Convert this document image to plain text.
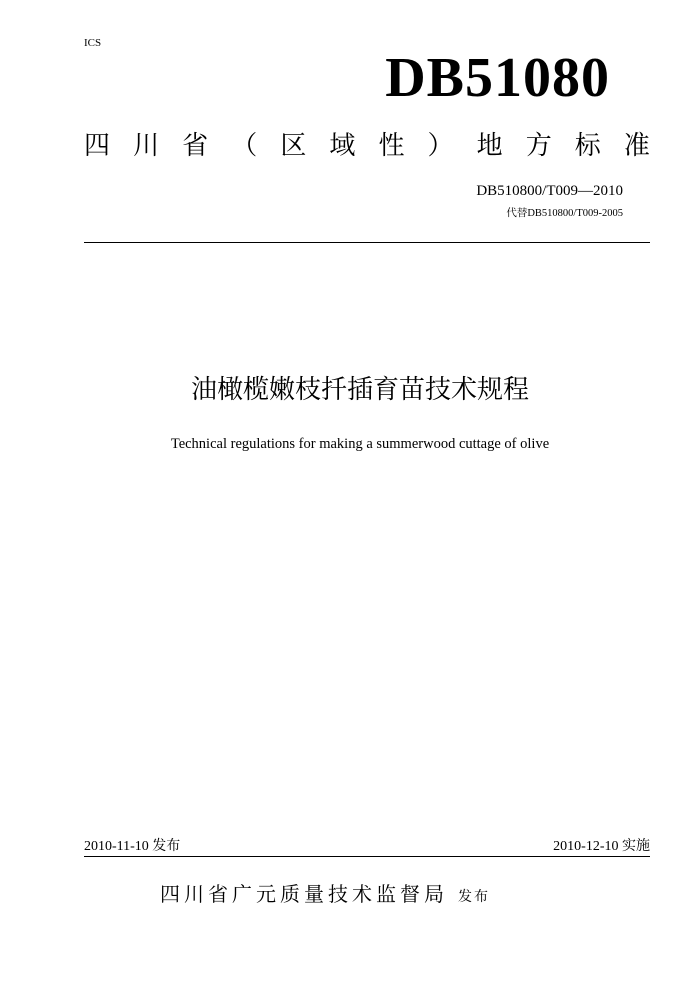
ICS
DB51080
四 川 省 （ 区 域 性 ） 地 方 标 准
DB510800/T009—2010
代替DB510800/T009-2005
油橄榄嫩枝扦插育苗技术规程
Technical regulations for making a summerwood cuttage of olive
2010-11-10 发布	2010-12-10 实施
四川省广元质量技术监督局 发布
